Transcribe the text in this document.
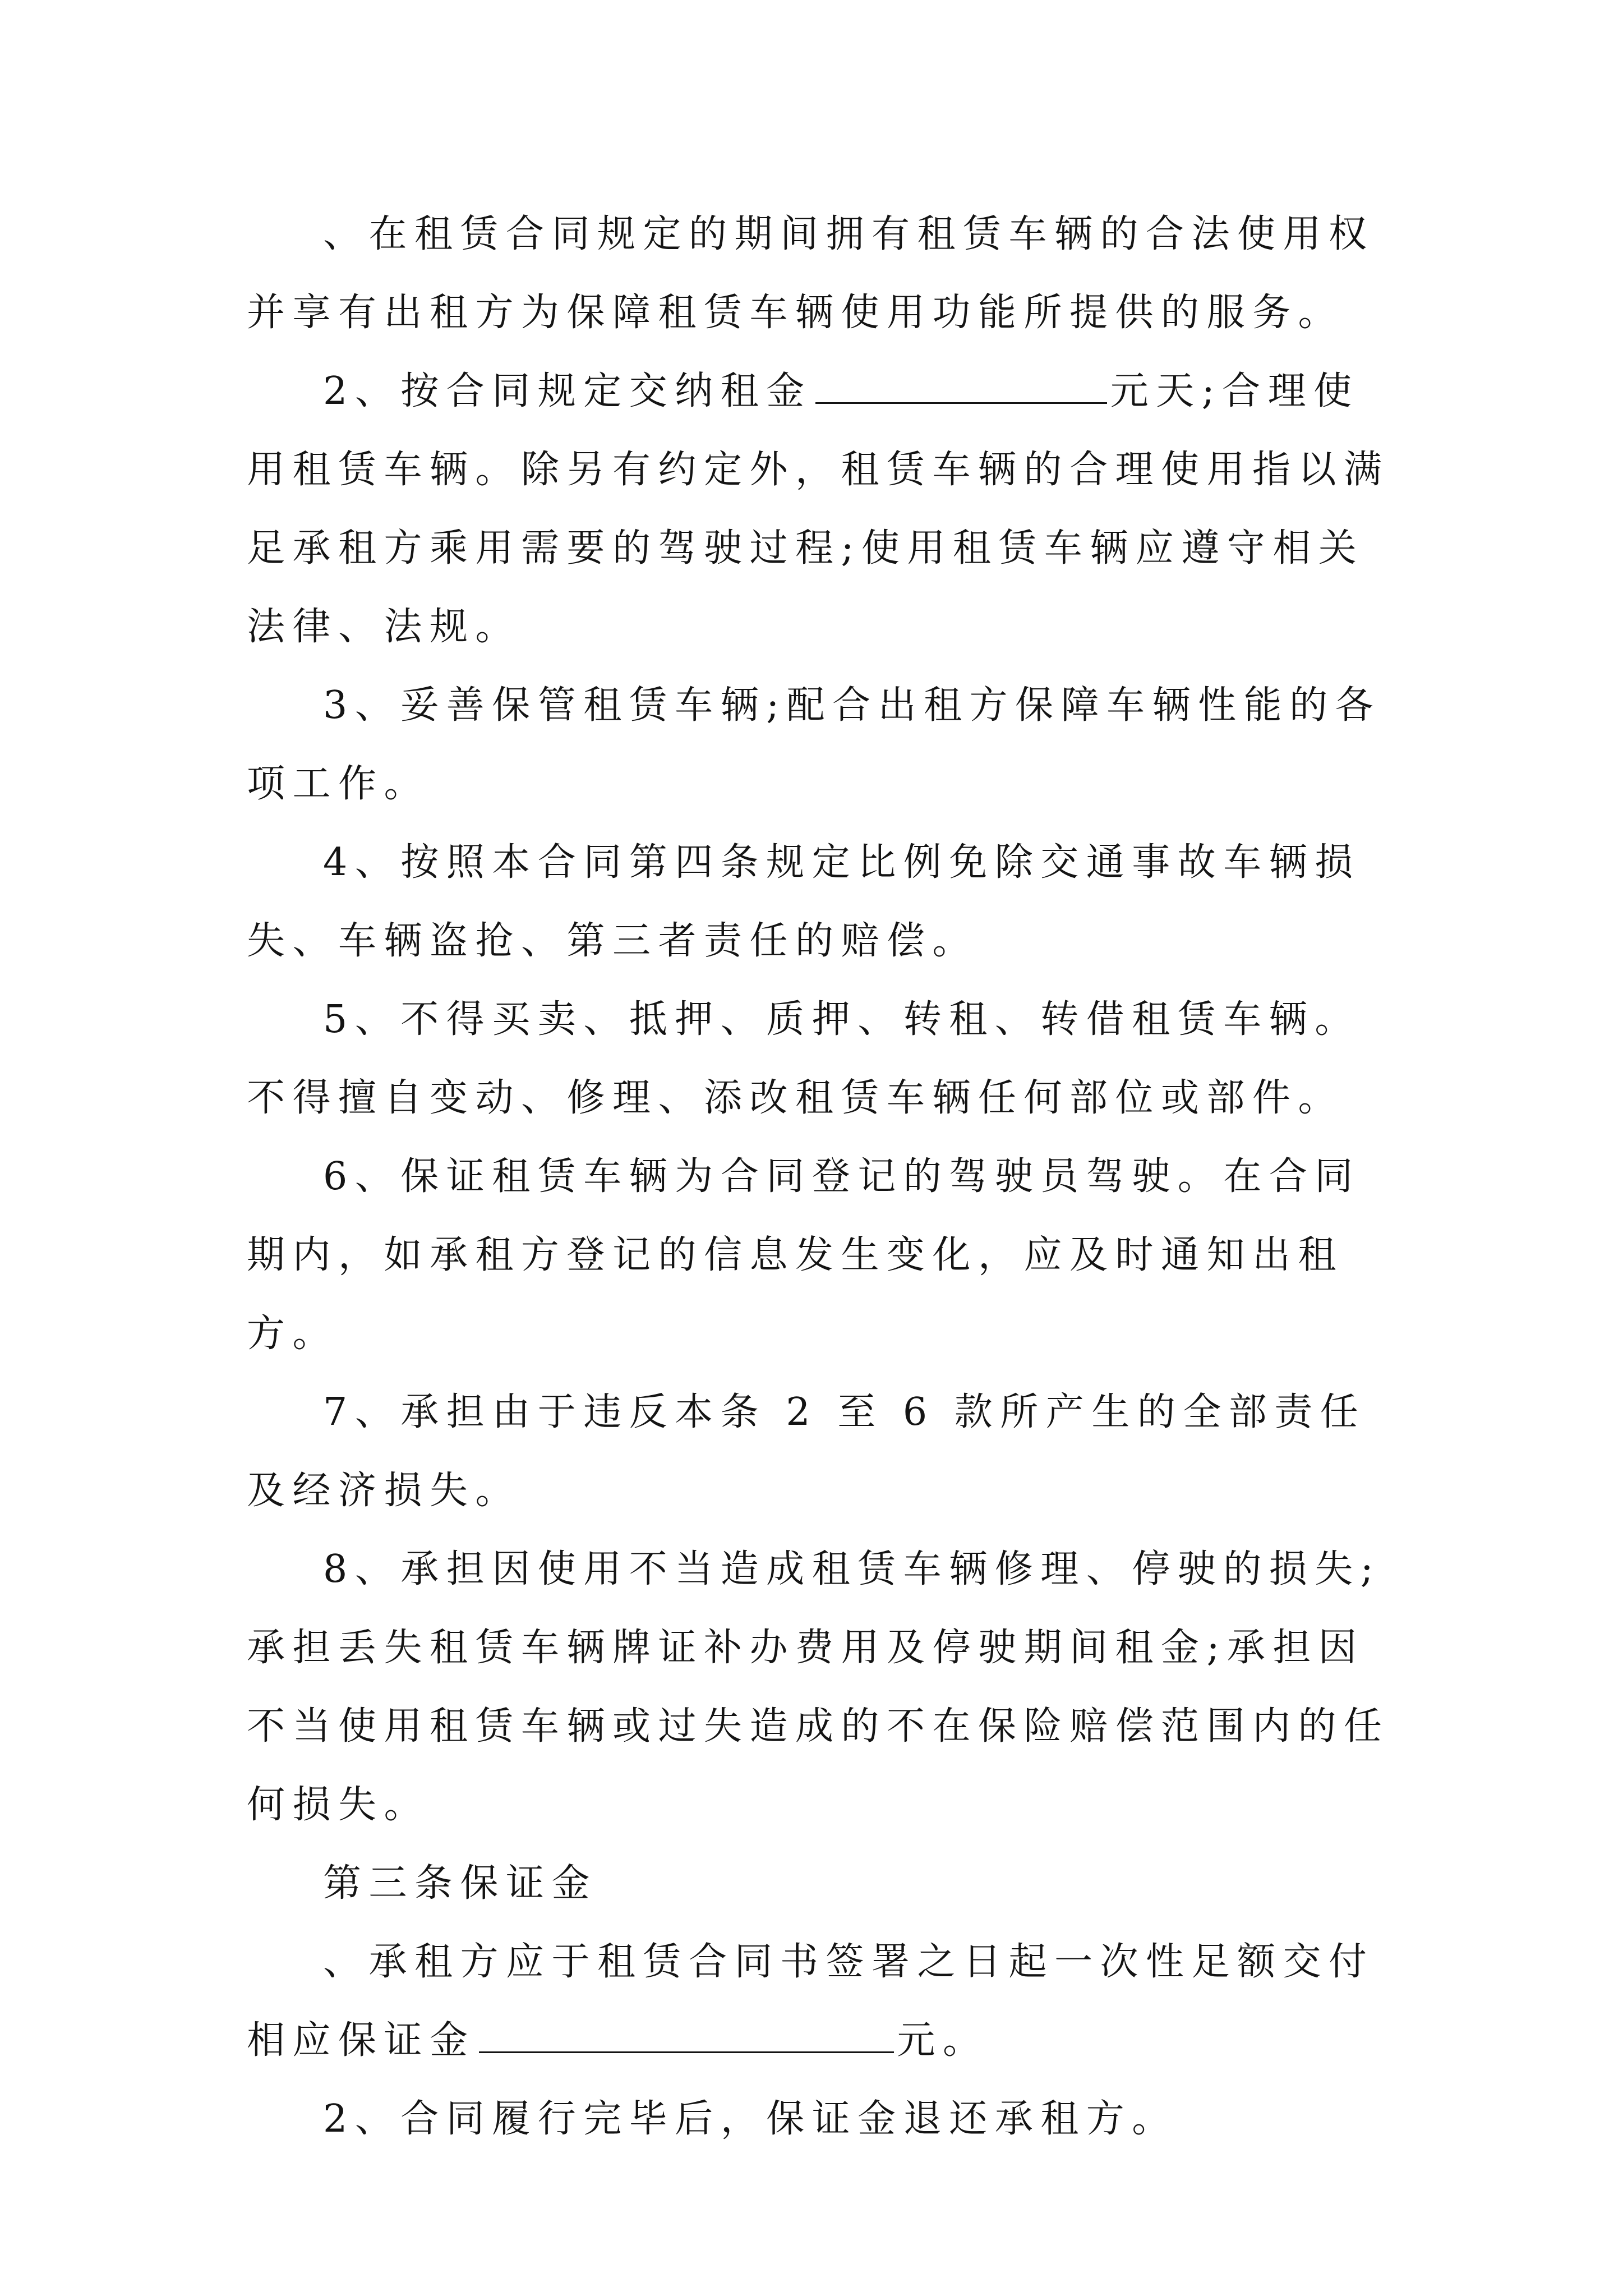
、在租赁合同规定的期间拥有租赁车辆的合法使用权并享有出租方为保障租赁车辆使用功能所提供的服务。

2、按合同规定交纳租金	元天;合理使用租赁车辆。除另有约定外，租赁车辆的合理使用指以满足承租方乘用需要的驾驶过程;使用租赁车辆应遵守相关法律、法规。

3、妥善保管租赁车辆;配合出租方保障车辆性能的各项工作。

4、按照本合同第四条规定比例免除交通事故车辆损失、车辆盗抢、第三者责任的赔偿。

5、不得买卖、抵押、质押、转租、转借租赁车辆。不得擅自变动、修理、添改租赁车辆任何部位或部件。

6、保证租赁车辆为合同登记的驾驶员驾驶。在合同期内，如承租方登记的信息发生变化，应及时通知出租方。

7、承担由于违反本条 2 至 6 款所产生的全部责任及经济损失。

8、承担因使用不当造成租赁车辆修理、停驶的损失;承担丢失租赁车辆牌证补办费用及停驶期间租金;承担因不当使用租赁车辆或过失造成的不在保险赔偿范围内的任何损失。

第三条保证金

、承租方应于租赁合同书签署之日起一次性足额交付相应保证金	元。

2、合同履行完毕后，保证金退还承租方。
